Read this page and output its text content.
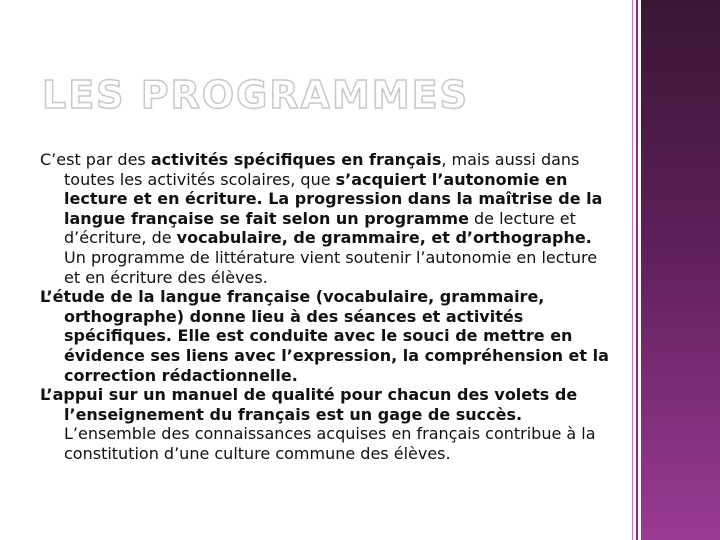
LES PROGRAMMES

C’est par des activités spécifiques en français, mais aussi dans toutes les activités scolaires, que s’acquiert l’autonomie en lecture et en écriture. La progression dans la maîtrise de la langue française se fait selon un programme de lecture et d’écriture, de vocabulaire, de grammaire, et d’orthographe. Un programme de littérature vient soutenir l’autonomie en lecture et en écriture des élèves.

L’étude de la langue française (vocabulaire, grammaire, orthographe) donne lieu à des séances et activités spécifiques. Elle est conduite avec le souci de mettre en évidence ses liens avec l’expression, la compréhension et la correction rédactionnelle.

L’appui sur un manuel de qualité pour chacun des volets de l’enseignement du français est un gage de succès. L’ensemble des connaissances acquises en français contribue à la constitution d’une culture commune des élèves.
